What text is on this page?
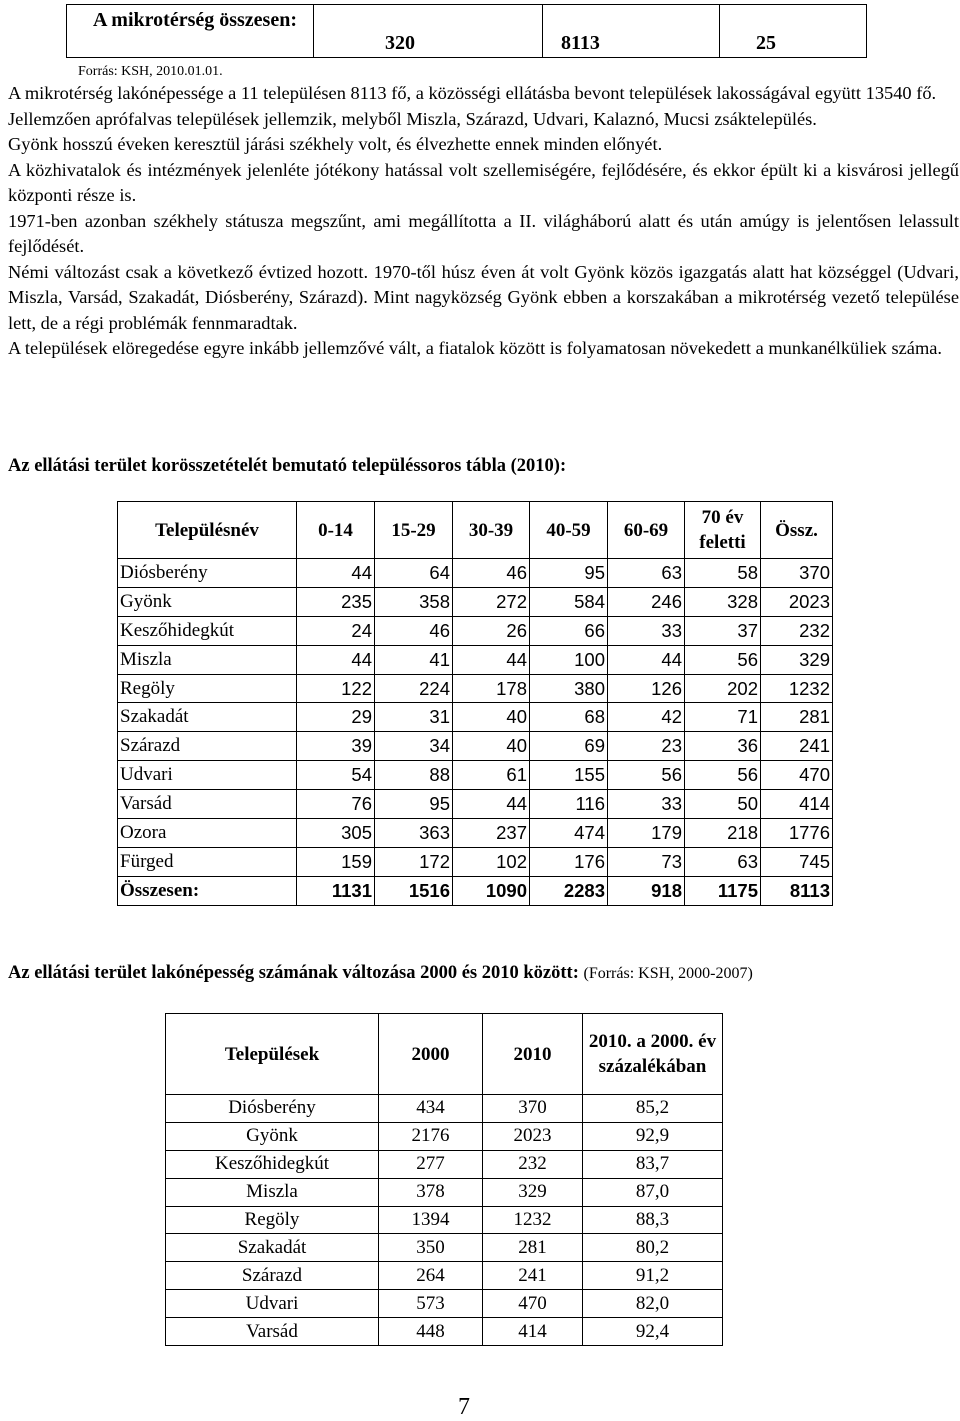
A mikrotérség összesen:
320	8113	25
Forrás: KSH, 2010.01.01.

A mikrotérség lakónépessége a 11 településen 8113 fő, a közösségi ellátásba bevont települések lakosságával együtt 13540 fő.

Jellemzően aprófalvas települések jellemzik, melyből Miszla, Szárazd, Udvari, Kalaznó, Mucsi zsáktelepülés.

Gyönk hosszú éveken keresztül járási székhely volt, és élvezhette ennek minden előnyét.

A közhivatalok és intézmények jelenléte jótékony hatással volt szellemiségére, fejlődésére, és ekkor épült ki a kisvárosi jellegű központi része is.

1971-ben azonban székhely státusza megszűnt, ami megállította a II. világháború alatt és után amúgy is jelentősen lelassult fejlődését.

Némi változást csak a következő évtized hozott. 1970-től húsz éven át volt Gyönk közös igazgatás alatt hat községgel (Udvari, Miszla, Varsád, Szakadát, Diósberény, Szárazd). Mint nagyközség Gyönk ebben a korszakában a mikrotérség vezető települése lett, de a régi problémák fennmaradtak.

A települések elöregedése egyre inkább jellemzővé vált, a fiatalok között is folyamatosan növekedett a munkanélküliek száma.

Az ellátási terület korösszetételét bemutató településsoros tábla (2010):
Településnév	0-14	15-29	30-39	40-59	60-69	70 év feletti	Össz.
Diósberény	44	64	46	95	63	58	370
Gyönk	235	358	272	584	246	328	2023
Keszőhidegkút	24	46	26	66	33	37	232
Miszla	44	41	44	100	44	56	329
Regöly	122	224	178	380	126	202	1232
Szakadát	29	31	40	68	42	71	281
Szárazd	39	34	40	69	23	36	241
Udvari	54	88	61	155	56	56	470
Varsád	76	95	44	116	33	50	414
Ozora	305	363	237	474	179	218	1776
Fürged	159	172	102	176	73	63	745
Összesen:	1131	1516	1090	2283	918	1175	8113
Az ellátási terület lakónépesség számának változása 2000 és 2010 között: (Forrás: KSH, 2000-2007)
Települések	2000	2010	2010. a 2000. év százalékában
Diósberény	434	370	85,2
Gyönk	2176	2023	92,9
Keszőhidegkút	277	232	83,7
Miszla	378	329	87,0
Regöly	1394	1232	88,3
Szakadát	350	281	80,2
Szárazd	264	241	91,2
Udvari	573	470	82,0
Varsád	448	414	92,4
7
